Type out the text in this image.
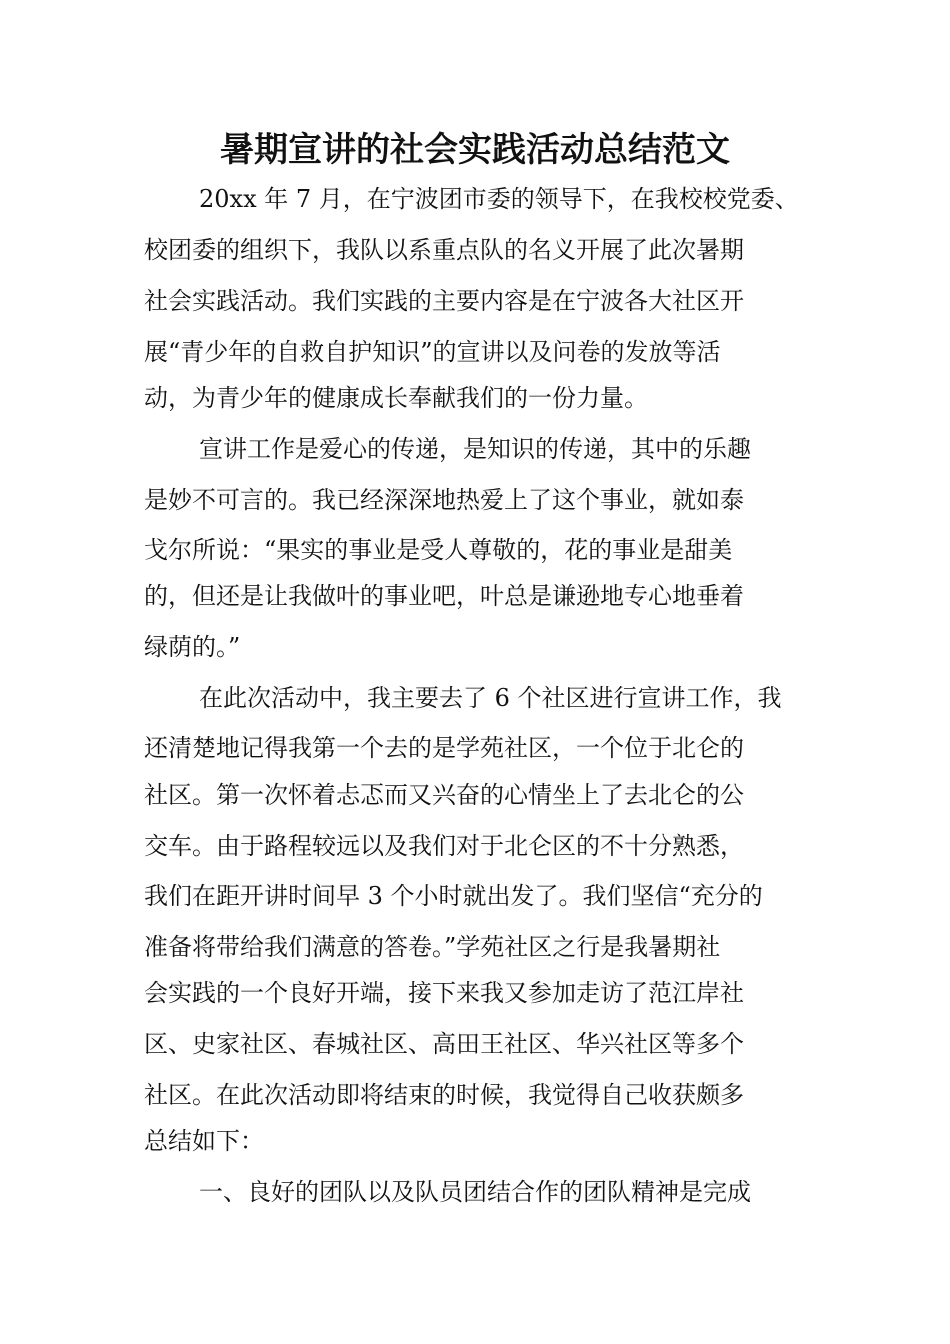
暑期宣讲的社会实践活动总结范文
20xx 年 7 月，在宁波团市委的领导下，在我校校党委、
校团委的组织下，我队以系重点队的名义开展了此次暑期
社会实践活动。我们实践的主要内容是在宁波各大社区开
展“青少年的自救自护知识”的宣讲以及问卷的发放等活
动，为青少年的健康成长奉献我们的一份力量。
宣讲工作是爱心的传递，是知识的传递，其中的乐趣
是妙不可言的。我已经深深地热爱上了这个事业，就如泰
戈尔所说：“果实的事业是受人尊敬的，花的事业是甜美
的，但还是让我做叶的事业吧，叶总是谦逊地专心地垂着
绿荫的。”
在此次活动中，我主要去了 6 个社区进行宣讲工作，我
还清楚地记得我第一个去的是学苑社区，一个位于北仑的
社区。第一次怀着忐忑而又兴奋的心情坐上了去北仑的公
交车。由于路程较远以及我们对于北仑区的不十分熟悉，
我们在距开讲时间早 3 个小时就出发了。我们坚信“充分的
准备将带给我们满意的答卷。”学苑社区之行是我暑期社
会实践的一个良好开端，接下来我又参加走访了范江岸社
区、史家社区、春城社区、高田王社区、华兴社区等多个
社区。在此次活动即将结束的时候，我觉得自己收获颇多
总结如下：
一、良好的团队以及队员团结合作的团队精神是完成
